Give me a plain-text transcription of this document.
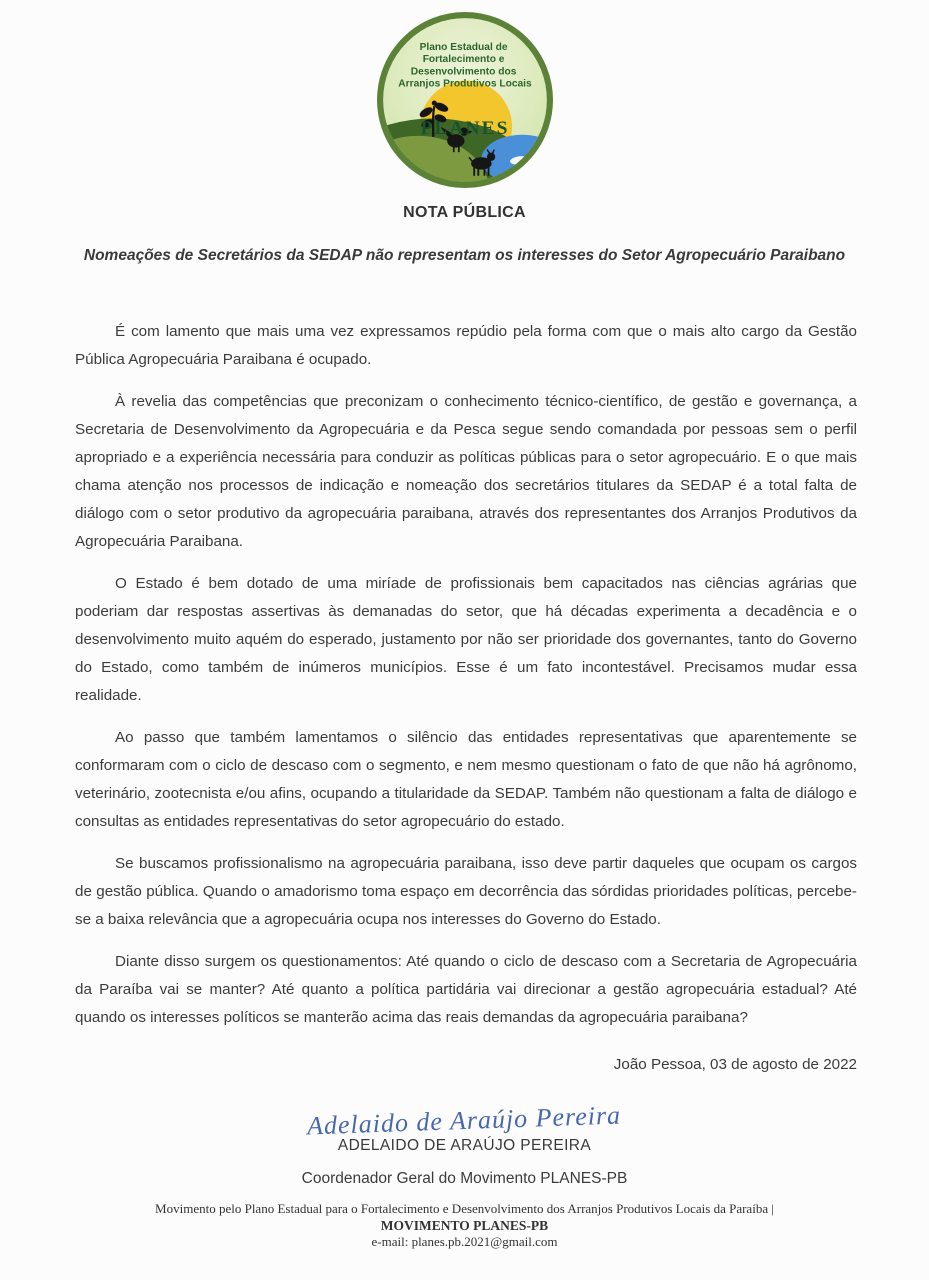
Plano Estadual de Fortalecimento e Desenvolvimento dos Arranjos Produtivos Locais
PLANES
NOTA PÚBLICA
Nomeações de Secretários da SEDAP não representam os interesses do Setor Agropecuário Paraibano

É com lamento que mais uma vez expressamos repúdio pela forma com que o mais alto cargo da Gestão Pública Agropecuária Paraibana é ocupado.

À revelia das competências que preconizam o conhecimento técnico-científico, de gestão e governança, a Secretaria de Desenvolvimento da Agropecuária e da Pesca segue sendo comandada por pessoas sem o perfil apropriado e a experiência necessária para conduzir as políticas públicas para o setor agropecuário. E o que mais chama atenção nos processos de indicação e nomeação dos secretários titulares da SEDAP é a total falta de diálogo com o setor produtivo da agropecuária paraibana, através dos representantes dos Arranjos Produtivos da Agropecuária Paraibana.

O Estado é bem dotado de uma miríade de profissionais bem capacitados nas ciências agrárias que poderiam dar respostas assertivas às demanadas do setor, que há décadas experimenta a decadência e o desenvolvimento muito aquém do esperado, justamento por não ser prioridade dos governantes, tanto do Governo do Estado, como também de inúmeros municípios. Esse é um fato incontestável. Precisamos mudar essa realidade.

Ao passo que também lamentamos o silêncio das entidades representativas que aparentemente se conformaram com o ciclo de descaso com o segmento, e nem mesmo questionam o fato de que não há agrônomo, veterinário, zootecnista e/ou afins, ocupando a titularidade da SEDAP. Também não questionam a falta de diálogo e consultas as entidades representativas do setor agropecuário do estado.

Se buscamos profissionalismo na agropecuária paraibana, isso deve partir daqueles que ocupam os cargos de gestão pública. Quando o amadorismo toma espaço em decorrência das sórdidas prioridades políticas, percebe-se a baixa relevância que a agropecuária ocupa nos interesses do Governo do Estado.

Diante disso surgem os questionamentos: Até quando o ciclo de descaso com a Secretaria de Agropecuária da Paraíba vai se manter? Até quanto a política partidária vai direcionar a gestão agropecuária estadual? Até quando os interesses políticos se manterão acima das reais demandas da agropecuária paraibana?

João Pessoa, 03 de agosto de 2022
Adelaido de Araújo Pereira
ADELAIDO DE ARAÚJO PEREIRA
Coordenador Geral do Movimento PLANES-PB
Movimento pelo Plano Estadual para o Fortalecimento e Desenvolvimento dos Arranjos Produtivos Locais da Paraíba |
MOVIMENTO PLANES-PB
e-mail: planes.pb.2021@gmail.com
